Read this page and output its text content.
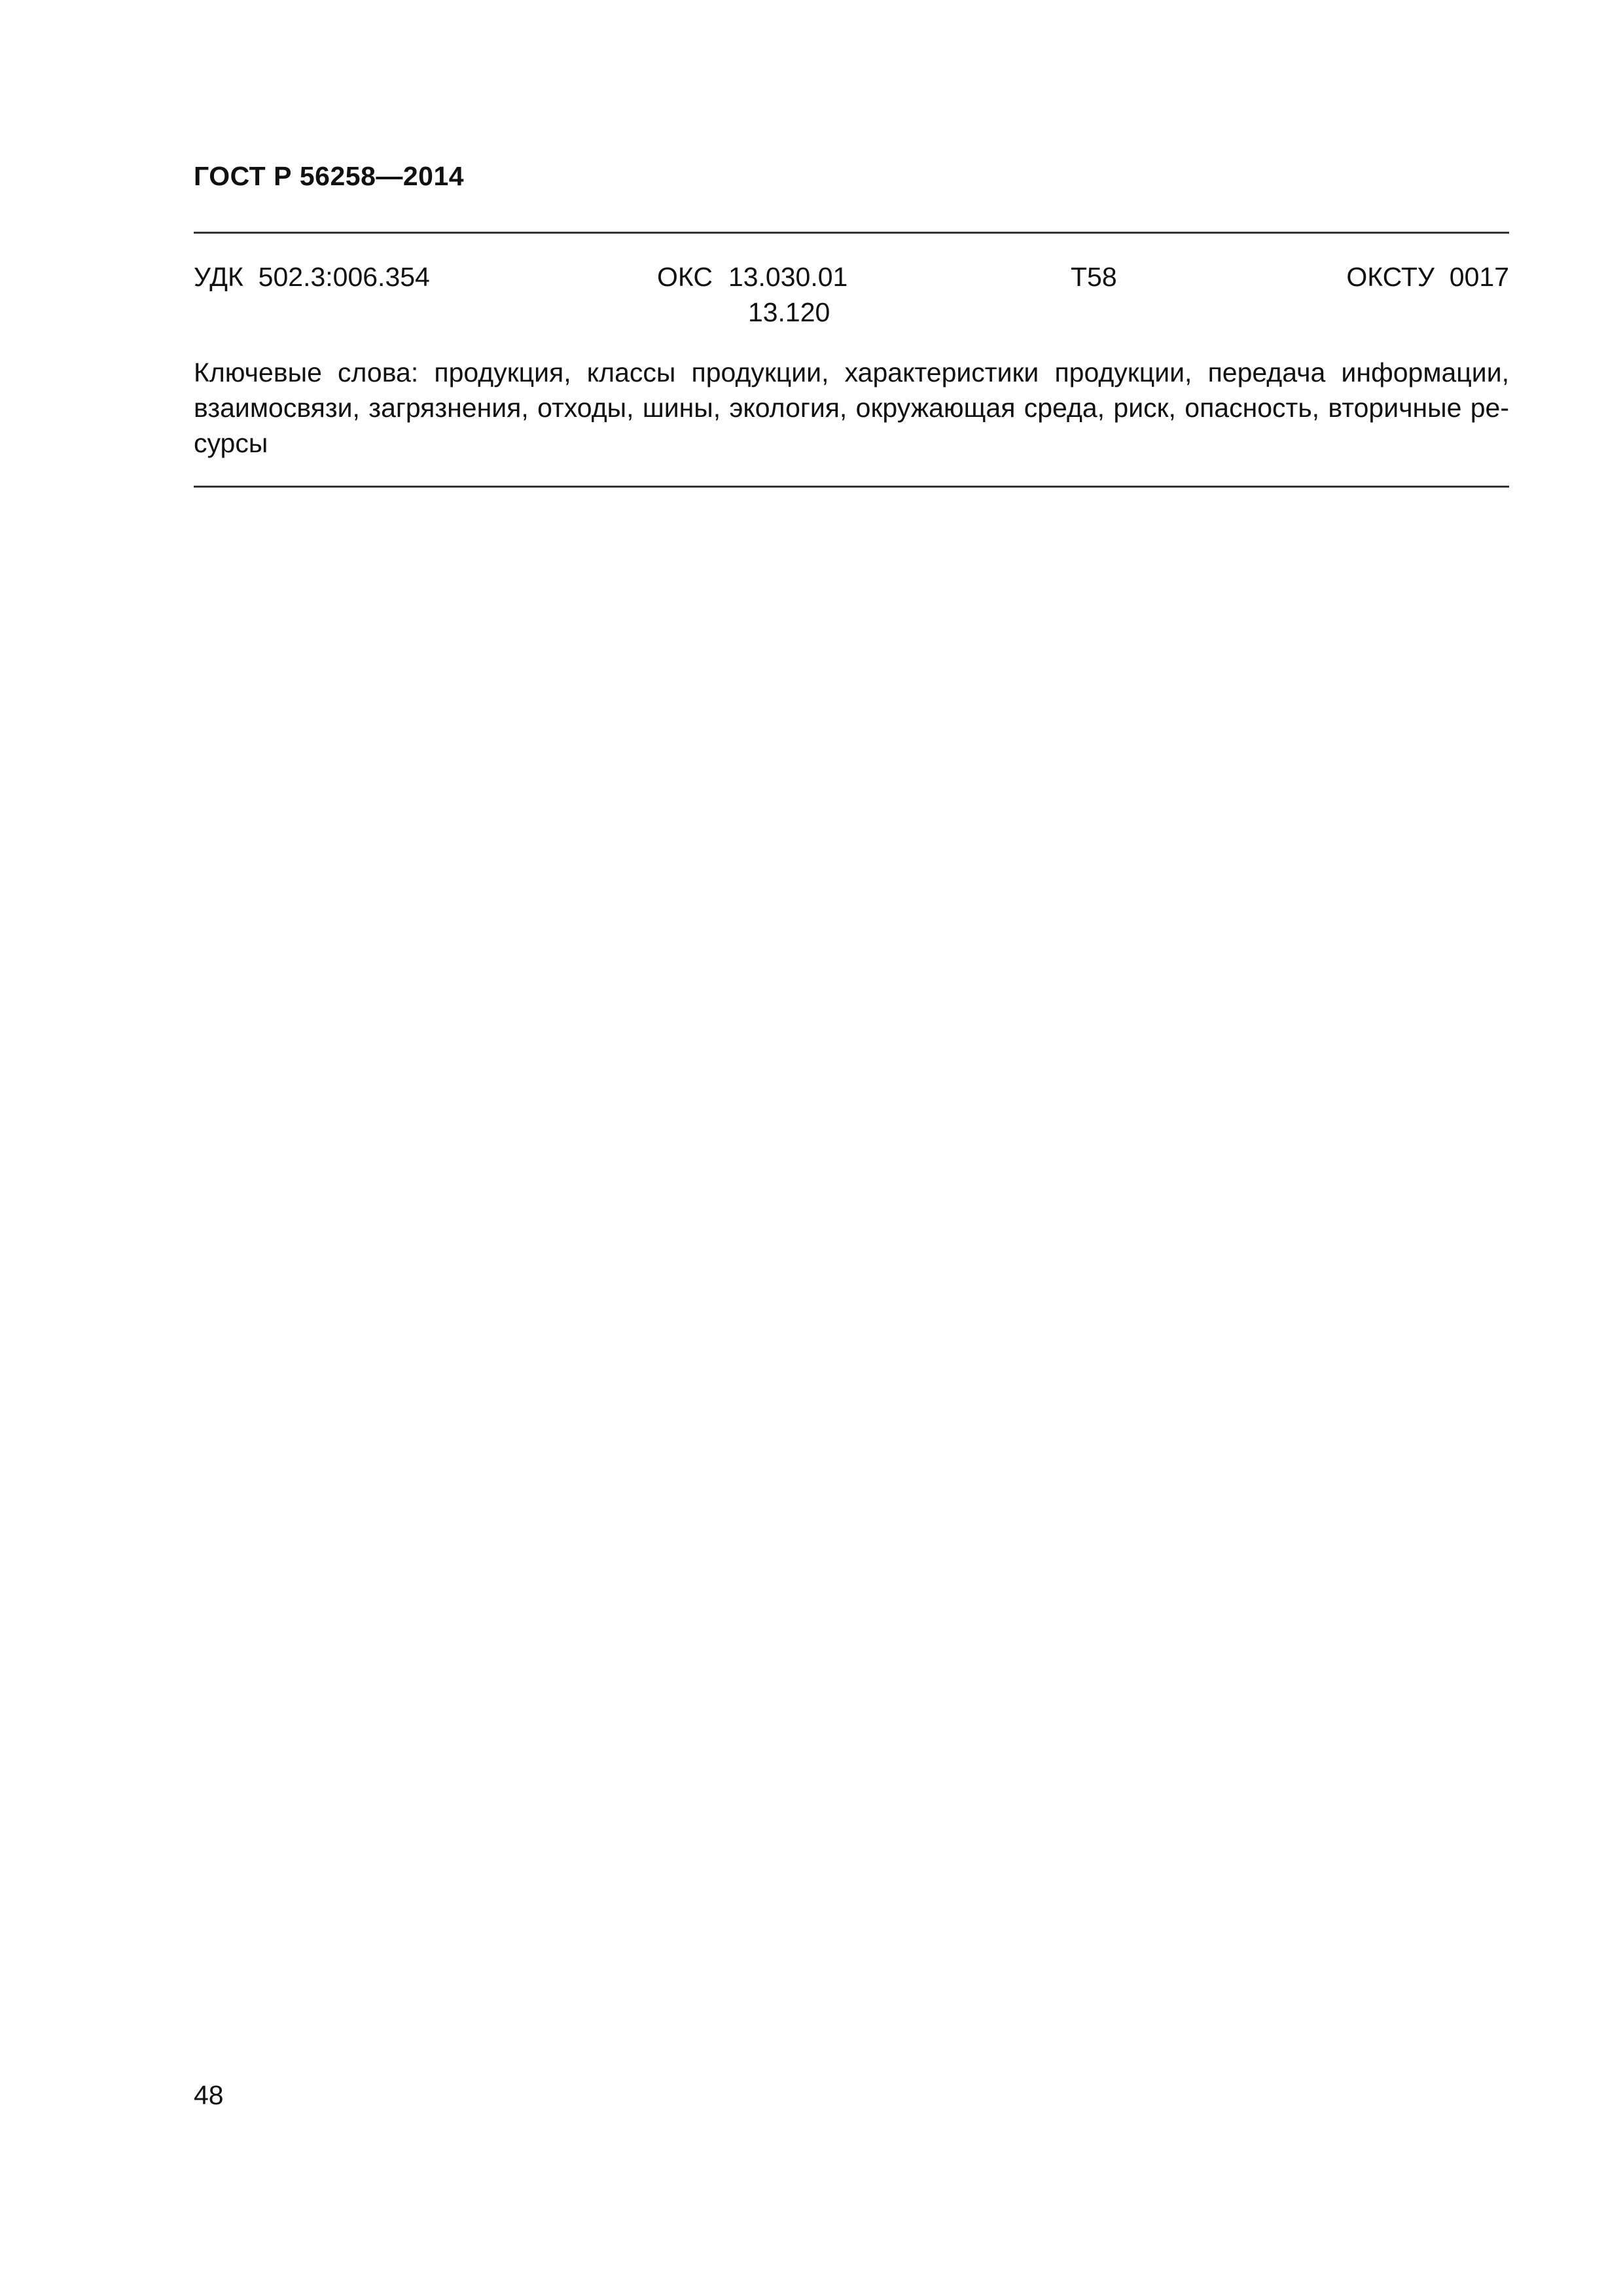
ГОСТ Р 56258—2014
УДК 502.3:006.354	ОКС 13.030.01
13.120
Т58	ОКСТУ 0017

Ключевые слова: продукция, классы продукции, характеристики продукции, передача информации, взаимосвязи, загрязнения, отходы, шины, экология, окружающая среда, риск, опасность, вторичные ре- сурсы

48
